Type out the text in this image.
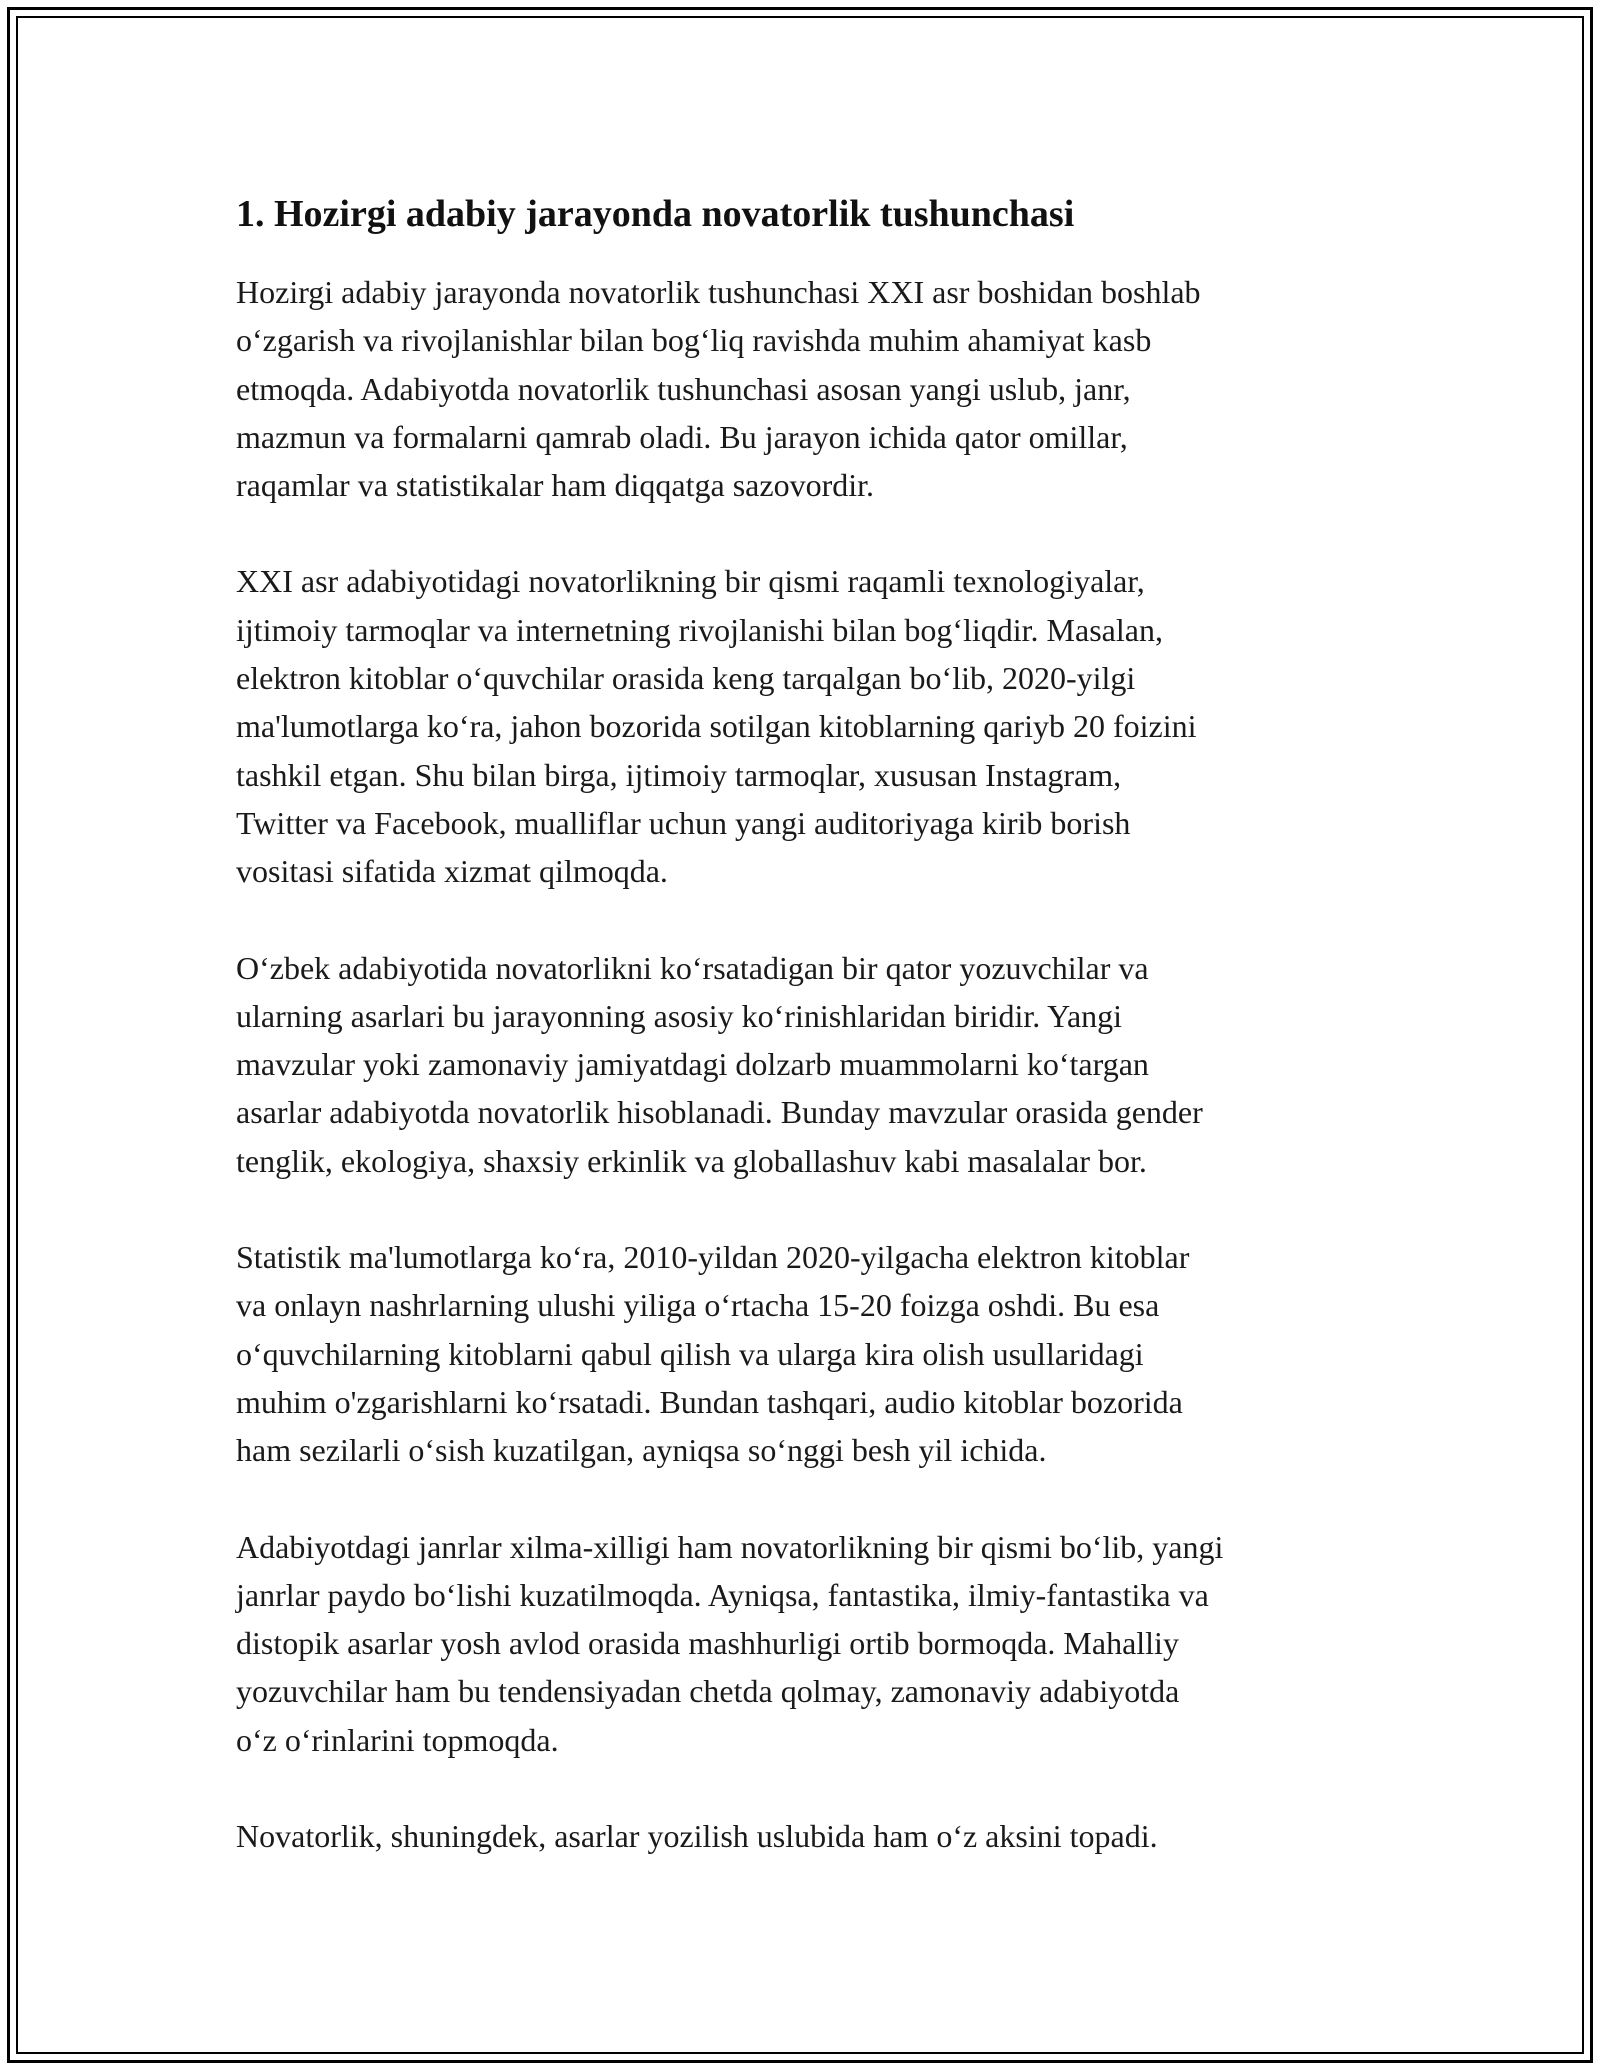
1. Hozirgi adabiy jarayonda novatorlik tushunchasi

Hozirgi adabiy jarayonda novatorlik tushunchasi XXI asr boshidan boshlab
o‘zgarish va rivojlanishlar bilan bog‘liq ravishda muhim ahamiyat kasb
etmoqda. Adabiyotda novatorlik tushunchasi asosan yangi uslub, janr,
mazmun va formalarni qamrab oladi. Bu jarayon ichida qator omillar,
raqamlar va statistikalar ham diqqatga sazovordir.

XXI asr adabiyotidagi novatorlikning bir qismi raqamli texnologiyalar,
ijtimoiy tarmoqlar va internetning rivojlanishi bilan bog‘liqdir. Masalan,
elektron kitoblar o‘quvchilar orasida keng tarqalgan bo‘lib, 2020-yilgi
ma'lumotlarga ko‘ra, jahon bozorida sotilgan kitoblarning qariyb 20 foizini
tashkil etgan. Shu bilan birga, ijtimoiy tarmoqlar, xususan Instagram,
Twitter va Facebook, mualliflar uchun yangi auditoriyaga kirib borish
vositasi sifatida xizmat qilmoqda.

O‘zbek adabiyotida novatorlikni ko‘rsatadigan bir qator yozuvchilar va
ularning asarlari bu jarayonning asosiy ko‘rinishlaridan biridir. Yangi
mavzular yoki zamonaviy jamiyatdagi dolzarb muammolarni ko‘targan
asarlar adabiyotda novatorlik hisoblanadi. Bunday mavzular orasida gender
tenglik, ekologiya, shaxsiy erkinlik va globallashuv kabi masalalar bor.

Statistik ma'lumotlarga ko‘ra, 2010-yildan 2020-yilgacha elektron kitoblar
va onlayn nashrlarning ulushi yiliga o‘rtacha 15-20 foizga oshdi. Bu esa
o‘quvchilarning kitoblarni qabul qilish va ularga kira olish usullaridagi
muhim o'zgarishlarni ko‘rsatadi. Bundan tashqari, audio kitoblar bozorida
ham sezilarli o‘sish kuzatilgan, ayniqsa so‘nggi besh yil ichida.

Adabiyotdagi janrlar xilma-xilligi ham novatorlikning bir qismi bo‘lib, yangi
janrlar paydo bo‘lishi kuzatilmoqda. Ayniqsa, fantastika, ilmiy-fantastika va
distopik asarlar yosh avlod orasida mashhurligi ortib bormoqda. Mahalliy
yozuvchilar ham bu tendensiyadan chetda qolmay, zamonaviy adabiyotda
o‘z o‘rinlarini topmoqda.

Novatorlik, shuningdek, asarlar yozilish uslubida ham o‘z aksini topadi.
